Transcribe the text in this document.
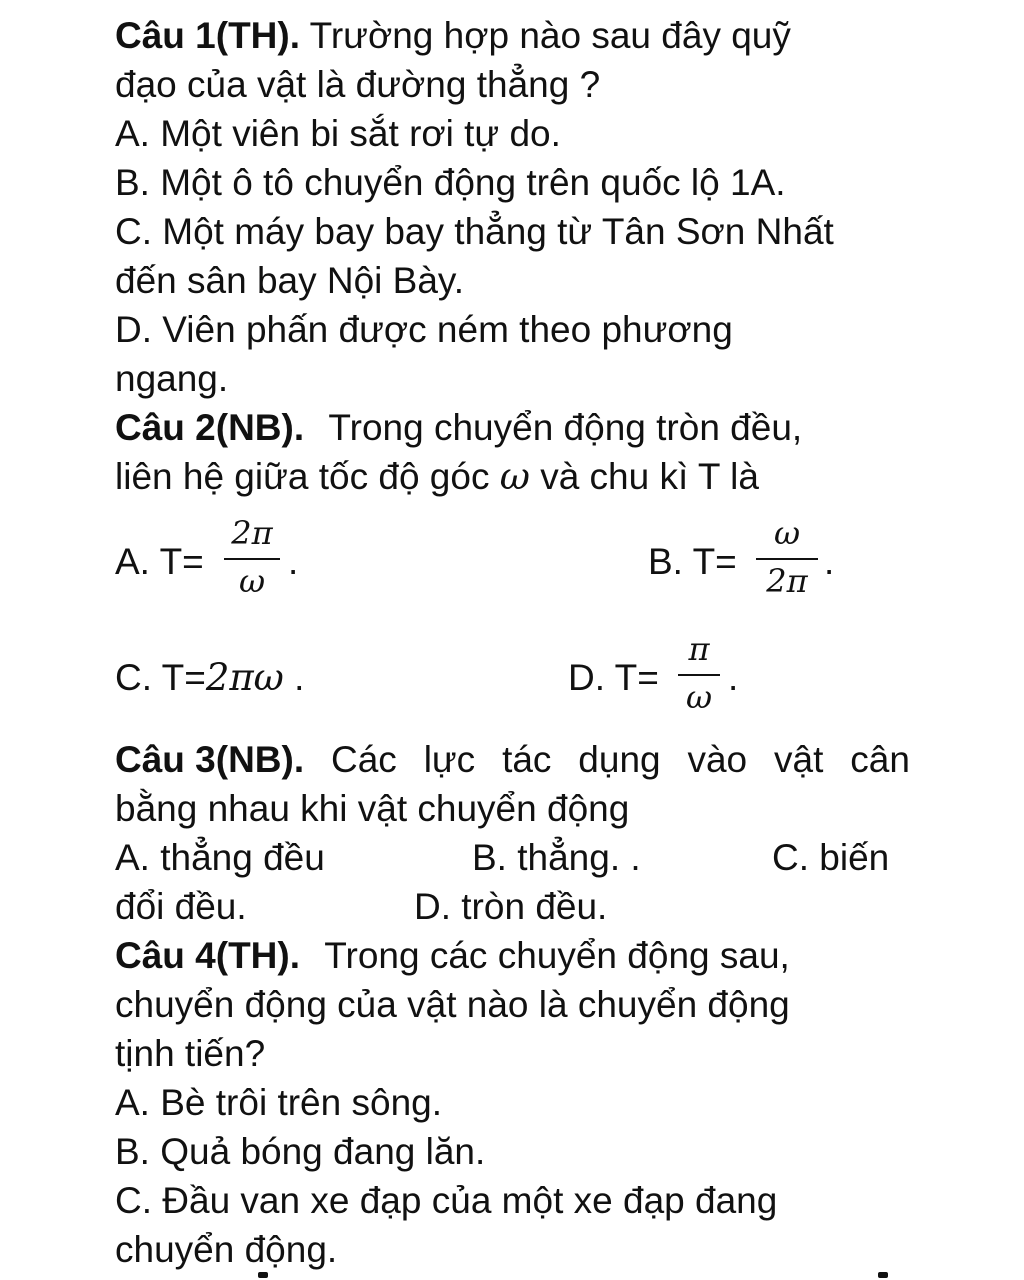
Câu 1(TH). Trường hợp nào sau đây quỹ
đạo của vật là đường thẳng ?
A. Một viên bi sắt rơi tự do.
B. Một ô tô chuyển động trên quốc lộ 1A.
C. Một máy bay bay thẳng từ Tân Sơn Nhất
đến sân bay Nội Bày.
D. Viên phấn được ném theo phương
ngang.
Câu 2(NB). Trong chuyển động tròn đều,
liên hệ giữa tốc độ góc ω và chu kì T là
A. T=
2π
ω .	B. T=
ω
2π .
C. T=2πω .	D. T=
π
ω .
Câu 3(NB). Các lực tác dụng vào vật cân
bằng nhau khi vật chuyển động
A. thẳng đều	B. thẳng. .	C. biến
đổi đều.	D. tròn đều.
Câu 4(TH). Trong các chuyển động sau,
chuyển động của vật nào là chuyển động
tịnh tiến?
A. Bè trôi trên sông.
B. Quả bóng đang lăn.
C. Đầu van xe đạp của một xe đạp đang
chuyển động.
